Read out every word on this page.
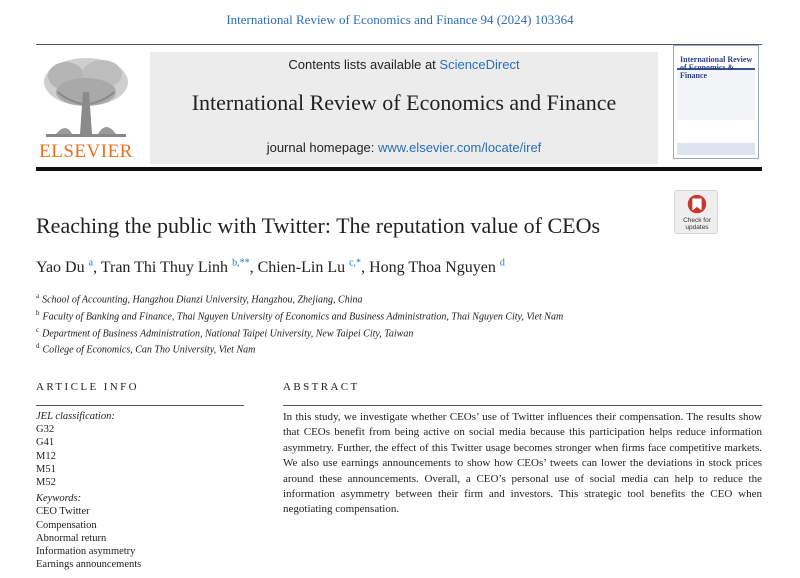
International Review of Economics and Finance 94 (2024) 103364
ELSEVIER
Contents lists available at ScienceDirect
International Review of Economics and Finance
journal homepage: www.elsevier.com/locate/iref
International Review of Economics & Finance
Check for updates
Reaching the public with Twitter: The reputation value of CEOs
Yao Du $^a$, Tran Thi Thuy Linh $^{b,**}$, Chien-Lin Lu $^{c,*}$, Hong Thoa Nguyen $^d$
$^a$ School of Accounting, Hangzhou Dianzi University, Hangzhou, Zhejiang, China
$^b$ Faculty of Banking and Finance, Thai Nguyen University of Economics and Business Administration, Thai Nguyen City, Viet Nam
$^c$ Department of Business Administration, National Taipei University, New Taipei City, Taiwan
$^d$ College of Economics, Can Tho University, Viet Nam
ARTICLE INFO	ABSTRACT
JEL classification:
G32
G41
M12
M51
M52
Keywords:
CEO Twitter
Compensation
Abnormal return
Information asymmetry
Earnings announcements
In this study, we investigate whether CEOs’ use of Twitter influences their compensation. The results show that CEOs benefit from being active on social media because this participation helps reduce information asymmetry. Further, the effect of this Twitter usage becomes stronger when firms face competitive markets. We also use earnings announcements to show how CEOs’ tweets can lower the deviations in stock prices around these announcements. Overall, a CEO’s personal use of social media can help to reduce the information asymmetry between their firm and investors. This strategic tool benefits the CEO when negotiating compensation.
